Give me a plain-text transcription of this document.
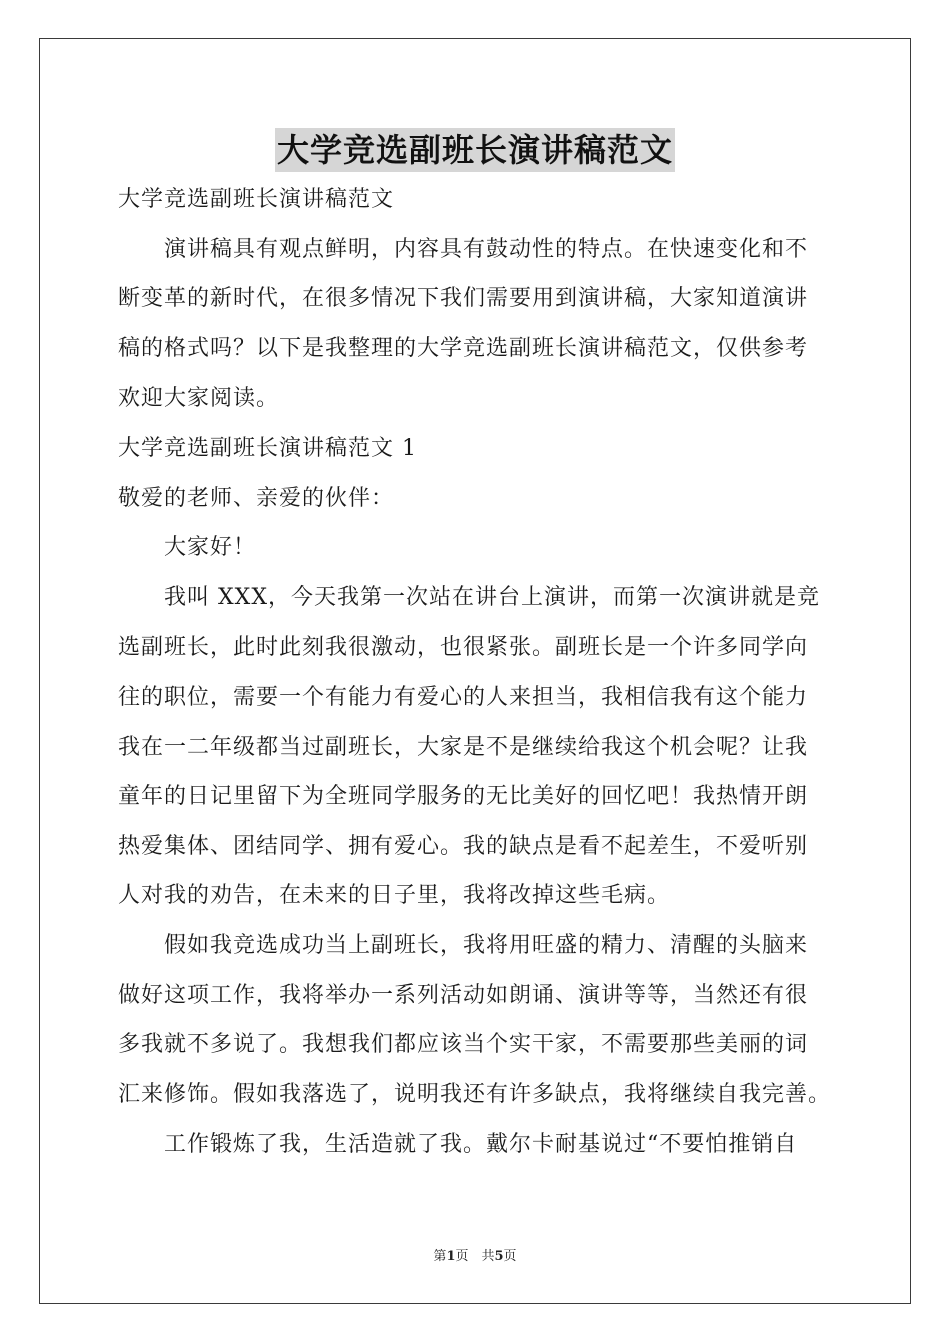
大学竞选副班长演讲稿范文

大学竞选副班长演讲稿范文

　　演讲稿具有观点鲜明，内容具有鼓动性的特点。在快速变化和不

断变革的新时代，在很多情况下我们需要用到演讲稿，大家知道演讲

稿的格式吗？以下是我整理的大学竞选副班长演讲稿范文，仅供参考

欢迎大家阅读。

大学竞选副班长演讲稿范文 1

敬爱的老师、亲爱的伙伴：

　　大家好！

　　我叫 XXX，今天我第一次站在讲台上演讲，而第一次演讲就是竞

选副班长，此时此刻我很激动，也很紧张。副班长是一个许多同学向

往的职位，需要一个有能力有爱心的人来担当，我相信我有这个能力

我在一二年级都当过副班长，大家是不是继续给我这个机会呢？让我

童年的日记里留下为全班同学服务的无比美好的回忆吧！我热情开朗

热爱集体、团结同学、拥有爱心。我的缺点是看不起差生，不爱听别

人对我的劝告，在未来的日子里，我将改掉这些毛病。

　　假如我竞选成功当上副班长，我将用旺盛的精力、清醒的头脑来

做好这项工作，我将举办一系列活动如朗诵、演讲等等，当然还有很

多我就不多说了。我想我们都应该当个实干家，不需要那些美丽的词

汇来修饰。假如我落选了，说明我还有许多缺点，我将继续自我完善。

　　工作锻炼了我，生活造就了我。戴尔卡耐基说过“不要怕推销自

第1页　共5页
